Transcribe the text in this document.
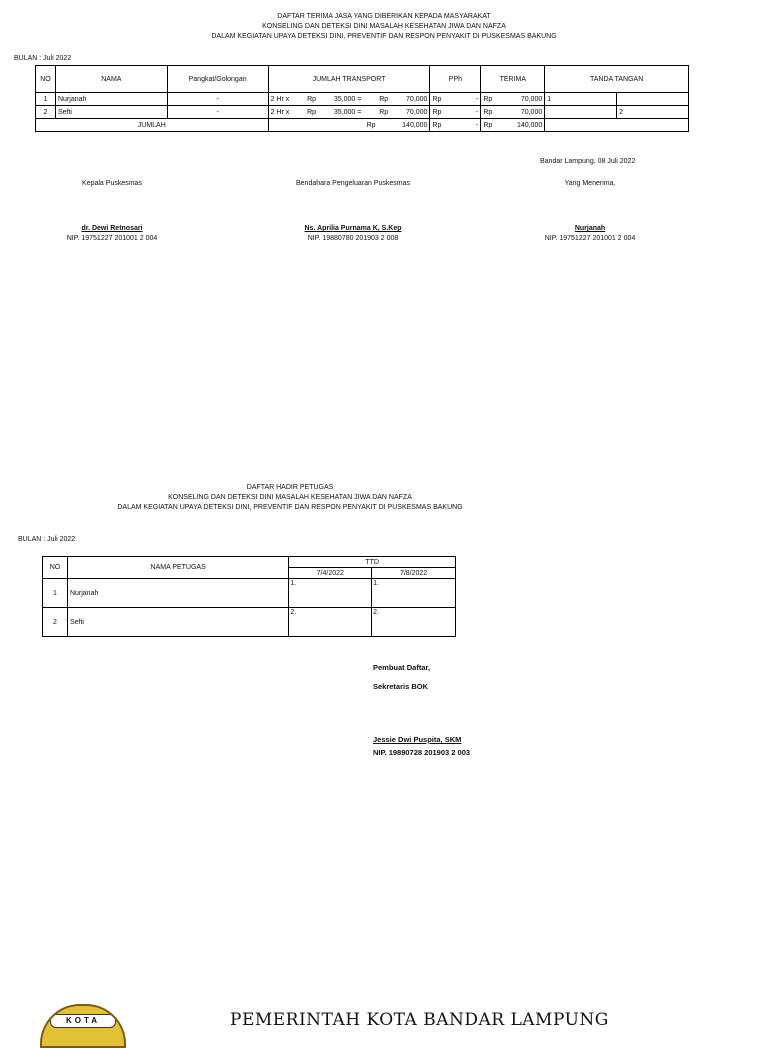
DAFTAR TERIMA JASA YANG DIBERIKAN KEPADA MASYARAKAT
KONSELING DAN DETEKSI DINI MASALAH KESEHATAN JIWA DAN NAFZA
DALAM KEGIATAN UPAYA DETEKSI DINI, PREVENTIF DAN RESPON PENYAKIT DI PUSKESMAS BAKUNG
BULAN : Juli 2022
NO	NAMA	Pangkat/Golongan	JUMLAH TRANSPORT	PPh	TERIMA	TANDA TANGAN	
1	Nurjanah	-	2 Hr x Rp 35,000 = Rp 70,000	Rp -	Rp 70,000	1	
2	Sefti	-	2 Hr x Rp 35,000 = Rp 70,000	Rp -	Rp 70,000		2
JUMLAH			Rp 140,000	Rp -	Rp 140,000		

Bandar Lampung, 08 Juli 2022
Kepala Puskesmas	Bendahara Pengeluaran Puskesmas	Yang Menerima,
dr. Dewi Retnosari	Ns. Aprilia Purnama K, S.Kep	Nurjanah
NIP. 19751227 201001 2 004	NIP. 19880780 201903 2 008	NIP. 19751227 201001 2 004
DAFTAR HADIR PETUGAS
KONSELING DAN DETEKSI DINI MASALAH KESEHATAN JIWA DAN NAFZA
DALAM KEGIATAN UPAYA DETEKSI DINI, PREVENTIF DAN RESPON PENYAKIT DI PUSKESMAS BAKUNG
BULAN : Juli 2022
NO	NAMA PETUGAS	TTD	
		7/4/2022	7/8/2022
1	Nurjanah	1.	1.

2	Sefti	2.	2.
Pembuat Daftar,
Sekretaris BOK
Jessie Dwi Puspita, SKM
NIP. 19890728 201903 2 003
KOTA	PEMERINTAH KOTA BANDAR LAMPUNG
